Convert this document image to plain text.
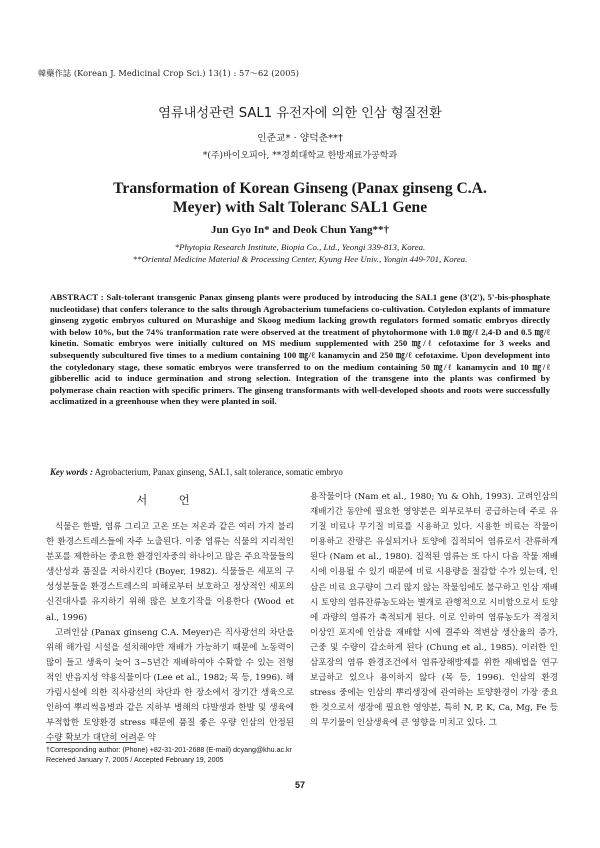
韓藥作誌 (Korean J. Medicinal Crop Sci.) 13(1) : 57～62 (2005)
염류내성관련 SAL1 유전자에 의한 인삼 형질전환
인준교* · 양덕춘**†
*(주)바이오피아, **경희대학교 한방재료가공학과
Transformation of Korean Ginseng (Panax ginseng C.A. Meyer) with Salt Toleranc SAL1 Gene
Jun Gyo In* and Deok Chun Yang**†
*Phytopia Research Institute, Biopia Co., Ltd., Yeongi 339-813, Korea.
**Oriental Medicine Material & Processing Center, Kyung Hee Univ., Yongin 449-701, Korea.
ABSTRACT : Salt-tolerant transgenic Panax ginseng plants were produced by introducing the SAL1 gene (3'(2'), 5'-bis-phosphate nucleotidase) that confers tolerance to the salts through Agrobacterium tumefaciens co-cultivation. Cotyledon explants of immature ginseng zygotic embryos cultured on Murashige and Skoog medium lacking growth regulators formed somatic embryos directly with below 10%, but the 74% tranformation rate were observed at the treatment of phytohormone with 1.0 ㎎/ℓ 2,4-D and 0.5 ㎎/ℓ kinetin. Somatic embryos were initially cultured on MS medium supplemented with 250 ㎎/ℓ cefotaxime for 3 weeks and subsequently subcultured five times to a medium containing 100 ㎎/ℓ kanamycin and 250 ㎎/ℓ cefotaxime. Upon development into the cotyledonary stage, these somatic embryos were transferred to on the medium containing 50 ㎎/ℓ kanamycin and 10 ㎎/ℓ gibberellic acid to induce germination and strong selection. Integration of the transgene into the plants was confirmed by polymerase chain reaction with specific primers. The ginseng transformants with well-developed shoots and roots were successfully acclimatized in a greenhouse when they were planted in soil.
Key words : Agrobacterium, Panax ginseng, SAL1, salt tolerance, somatic embryo
서 언

식물은 한발, 염류 그리고 고온 또는 저온과 같은 여러 가지 불리한 환경스트레스들에 자주 노출된다. 이중 염류는 식물의 지리적인 분포를 제한하는 중요한 환경인자중의 하나이고 많은 주요작물들의 생산성과 품질을 저하시킨다 (Boyer, 1982). 식물들은 세포의 구성성분들을 환경스트레스의 피해로부터 보호하고 정상적인 세포의 신진대사를 유지하기 위해 많은 보호기작을 이용한다 (Wood et al., 1996)

고려인삼 (Panax ginseng C.A. Meyer)은 직사광선의 차단을 위해 해가림 시설을 설치해야만 재배가 가능하기 때문에 노동력이 많이 들고 생육이 늦어 3~5년간 재배하여야 수확할 수 있는 전형적인 반음지성 약용식물이다 (Lee et al., 1982; 목 등, 1996). 해가림시설에 의한 직사광선의 차단과 한 장소에서 장기간 생육으로 인하여 뿌리썩음병과 같은 지하부 병해의 다발생과 한발 및 생육에 부적합한 토양환경 stress 때문에 품질 좋은 우량 인삼의 안정된 수량 확보가 대단히 어려운 약

용작물이다 (Nam et al., 1980; Yu & Ohh, 1993). 고려인삼의 재배기간 동안에 필요한 영양분은 외부로부터 공급하는데 주로 유기질 비료나 무기질 비료를 시용하고 있다. 시용한 비료는 작물이 이용하고 잔량은 유실되거나 토양에 집적되어 염류로서 잔류하게 된다 (Nam et al., 1980). 집적된 염류는 또 다시 다음 작물 재배시에 이용될 수 있기 때문에 비료 시용량을 절감할 수가 있는데, 인삼은 비료 요구량이 그리 많지 않는 작물임에도 불구하고 인삼 재배시 토양의 염류잔류농도와는 별개로 관행적으로 시비함으로서 토양에 과량의 염류가 축적되게 된다. 이로 인하여 염류농도가 적정치 이상인 포지에 인삼을 재배할 시에 결주와 적변삼 생산율의 증가, 근중 및 수량이 감소하게 된다 (Chung et al., 1985). 이러한 인삼포장의 염류 환경조건에서 염류장해방제를 위한 재배법을 연구 보급하고 있으나 용이하지 않다 (목 등, 1996). 인삼의 환경 stress 중에는 인삼의 뿌리생장에 관여하는 토양환경이 가장 중요한 것으로서 생장에 필요한 영양분, 특히 N, P, K, Ca, Mg, Fe 등의 무기물이 인삼생육에 큰 영향을 미치고 있다. 그

†Corresponding author: (Phone) +82-31-201-2688 (E-mail) dcyang@khu.ac.kr
Received January 7, 2005 / Accepted February 19, 2005
57
